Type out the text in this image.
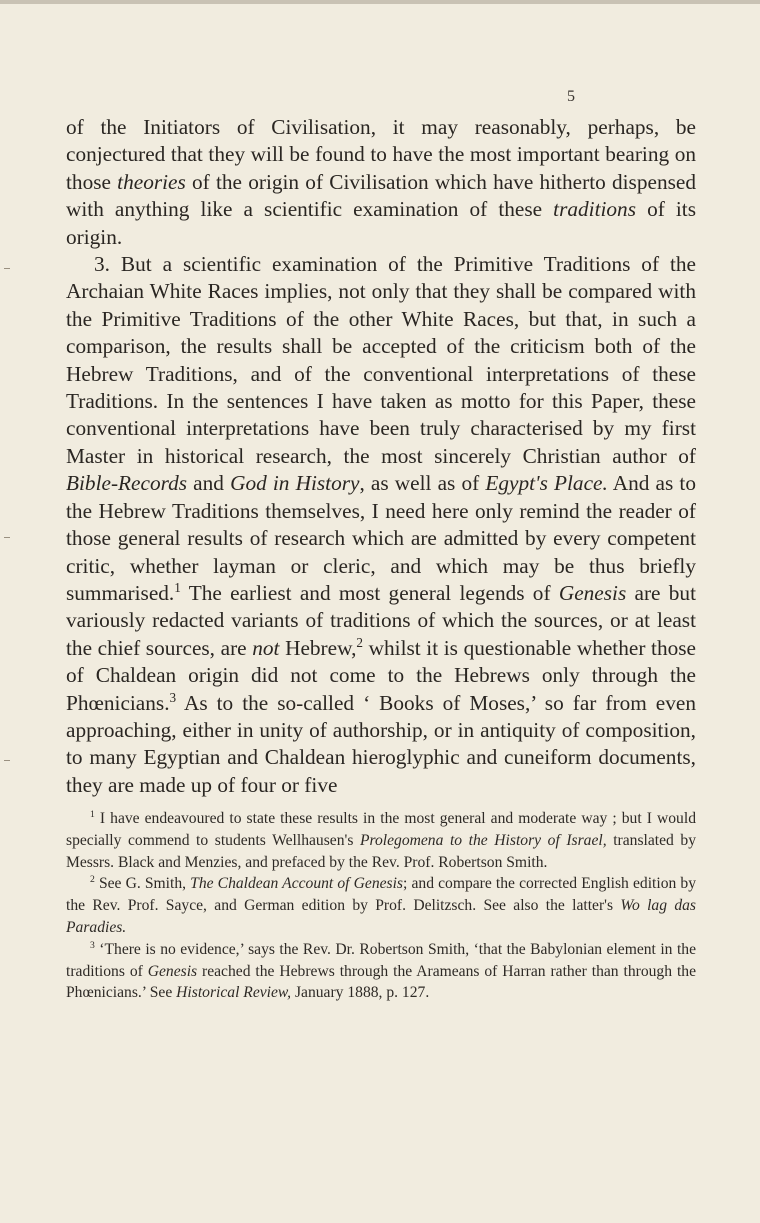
5

of the Initiators of Civilisation, it may reasonably, perhaps, be conjectured that they will be found to have the most important bearing on those theories of the origin of Civilisation which have hitherto dispensed with anything like a scientific examination of these traditions of its origin.

3. But a scientific examination of the Primitive Traditions of the Archaian White Races implies, not only that they shall be compared with the Primitive Traditions of the other White Races, but that, in such a comparison, the results shall be accepted of the criticism both of the Hebrew Traditions, and of the conventional interpretations of these Traditions. In the sentences I have taken as motto for this Paper, these conventional interpretations have been truly characterised by my first Master in historical research, the most sincerely Christian author of Bible-Records and God in History, as well as of Egypt's Place. And as to the Hebrew Traditions themselves, I need here only remind the reader of those general results of research which are admitted by every competent critic, whether layman or cleric, and which may be thus briefly summarised.$^1$ The earliest and most general legends of Genesis are but variously redacted variants of traditions of which the sources, or at least the chief sources, are not Hebrew,$^2$ whilst it is questionable whether those of Chaldean origin did not come to the Hebrews only through the Phœnicians.$^3$ As to the so-called ‘ Books of Moses,’ so far from even approaching, either in unity of authorship, or in antiquity of composition, to many Egyptian and Chaldean hieroglyphic and cuneiform documents, they are made up of four or five

$^1$ I have endeavoured to state these results in the most general and moderate way ; but I would specially commend to students Wellhausen's Prolegomena to the History of Israel, translated by Messrs. Black and Menzies, and prefaced by the Rev. Prof. Robertson Smith.

$^2$ See G. Smith, The Chaldean Account of Genesis; and compare the corrected English edition by the Rev. Prof. Sayce, and German edition by Prof. Delitzsch. See also the latter's Wo lag das Paradies.

$^3$ ‘There is no evidence,’ says the Rev. Dr. Robertson Smith, ‘that the Babylonian element in the traditions of Genesis reached the Hebrews through the Arameans of Harran rather than through the Phœnicians.’ See Historical Review, January 1888, p. 127.
